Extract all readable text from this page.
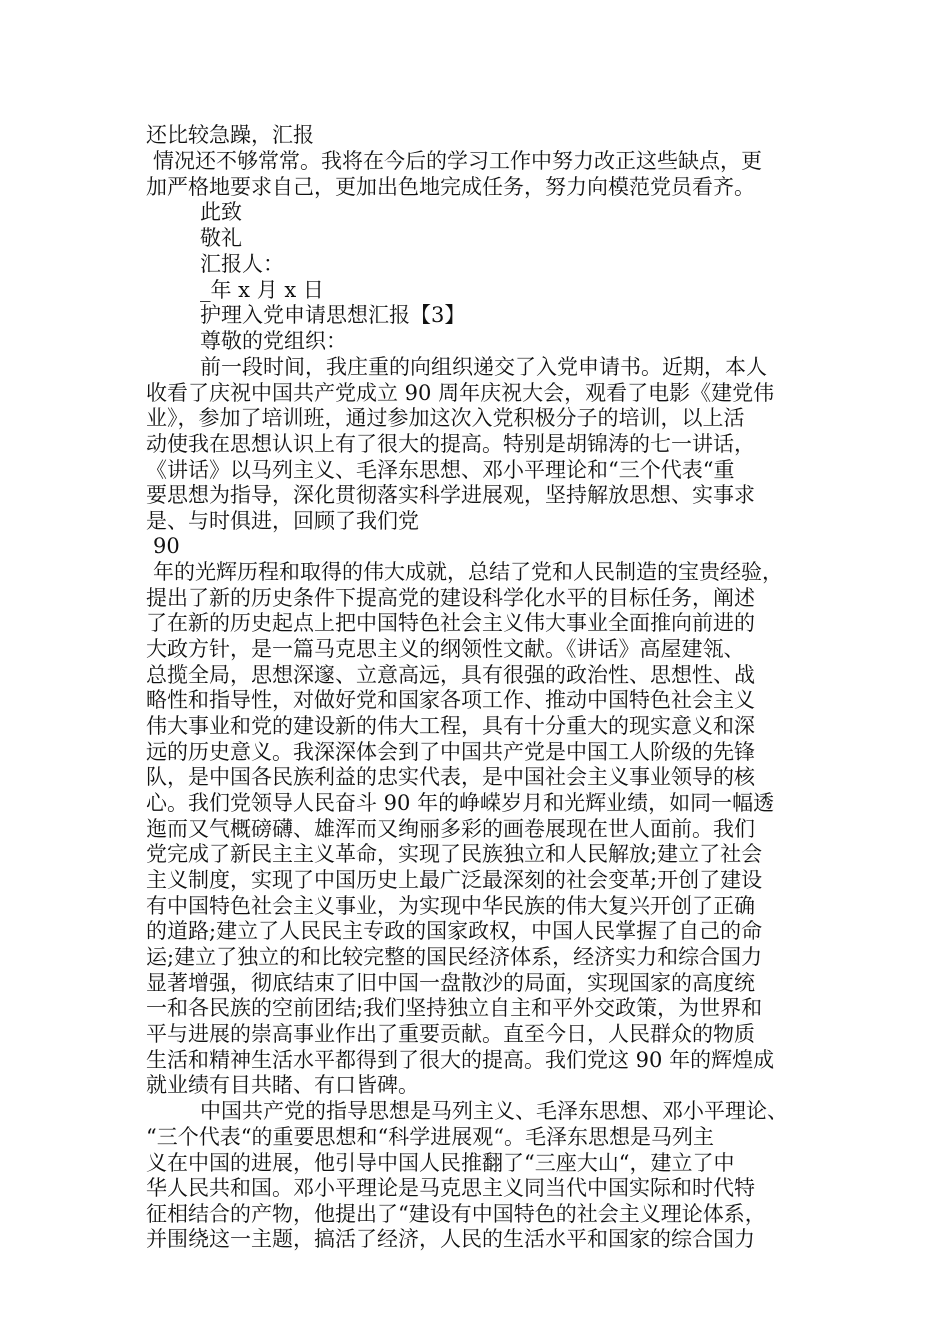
还比较急躁，汇报
情况还不够常常。我将在今后的学习工作中努力改正这些缺点，更
加严格地要求自己，更加出色地完成任务，努力向模范党员看齐。
此致
敬礼
汇报人：
_年 x 月 x 日
护理入党申请思想汇报【3】
尊敬的党组织：
前一段时间，我庄重的向组织递交了入党申请书。近期，本人
收看了庆祝中国共产党成立 90 周年庆祝大会，观看了电影《建党伟
业》，参加了培训班，通过参加这次入党积极分子的培训，以上活
动使我在思想认识上有了很大的提高。特别是胡锦涛的七一讲话，
《讲话》以马列主义、毛泽东思想、邓小平理论和“三个代表“重
要思想为指导，深化贯彻落实科学进展观，坚持解放思想、实事求
是、与时俱进，回顾了我们党
90
年的光辉历程和取得的伟大成就，总结了党和人民制造的宝贵经验，
提出了新的历史条件下提高党的建设科学化水平的目标任务，阐述
了在新的历史起点上把中国特色社会主义伟大事业全面推向前进的
大政方针，是一篇马克思主义的纲领性文献。《讲话》高屋建瓴、
总揽全局，思想深邃、立意高远，具有很强的政治性、思想性、战
略性和指导性，对做好党和国家各项工作、推动中国特色社会主义
伟大事业和党的建设新的伟大工程，具有十分重大的现实意义和深
远的历史意义。我深深体会到了中国共产党是中国工人阶级的先锋
队，是中国各民族利益的忠实代表，是中国社会主义事业领导的核
心。我们党领导人民奋斗 90 年的峥嵘岁月和光辉业绩，如同一幅透
迤而又气概磅礴、雄浑而又绚丽多彩的画卷展现在世人面前。我们
党完成了新民主主义革命，实现了民族独立和人民解放;建立了社会
主义制度，实现了中国历史上最广泛最深刻的社会变革;开创了建设
有中国特色社会主义事业，为实现中华民族的伟大复兴开创了正确
的道路;建立了人民民主专政的国家政权，中国人民掌握了自己的命
运;建立了独立的和比较完整的国民经济体系，经济实力和综合国力
显著增强，彻底结束了旧中国一盘散沙的局面，实现国家的高度统
一和各民族的空前团结;我们坚持独立自主和平外交政策，为世界和
平与进展的崇高事业作出了重要贡献。直至今日，人民群众的物质
生活和精神生活水平都得到了很大的提高。我们党这 90 年的辉煌成
就业绩有目共睹、有口皆碑。
中国共产党的指导思想是马列主义、毛泽东思想、邓小平理论、
“三个代表“的重要思想和“科学进展观“。毛泽东思想是马列主
义在中国的进展，他引导中国人民推翻了“三座大山“，建立了中
华人民共和国。邓小平理论是马克思主义同当代中国实际和时代特
征相结合的产物，他提出了“建设有中国特色的社会主义理论体系，
并围绕这一主题，搞活了经济，人民的生活水平和国家的综合国力
